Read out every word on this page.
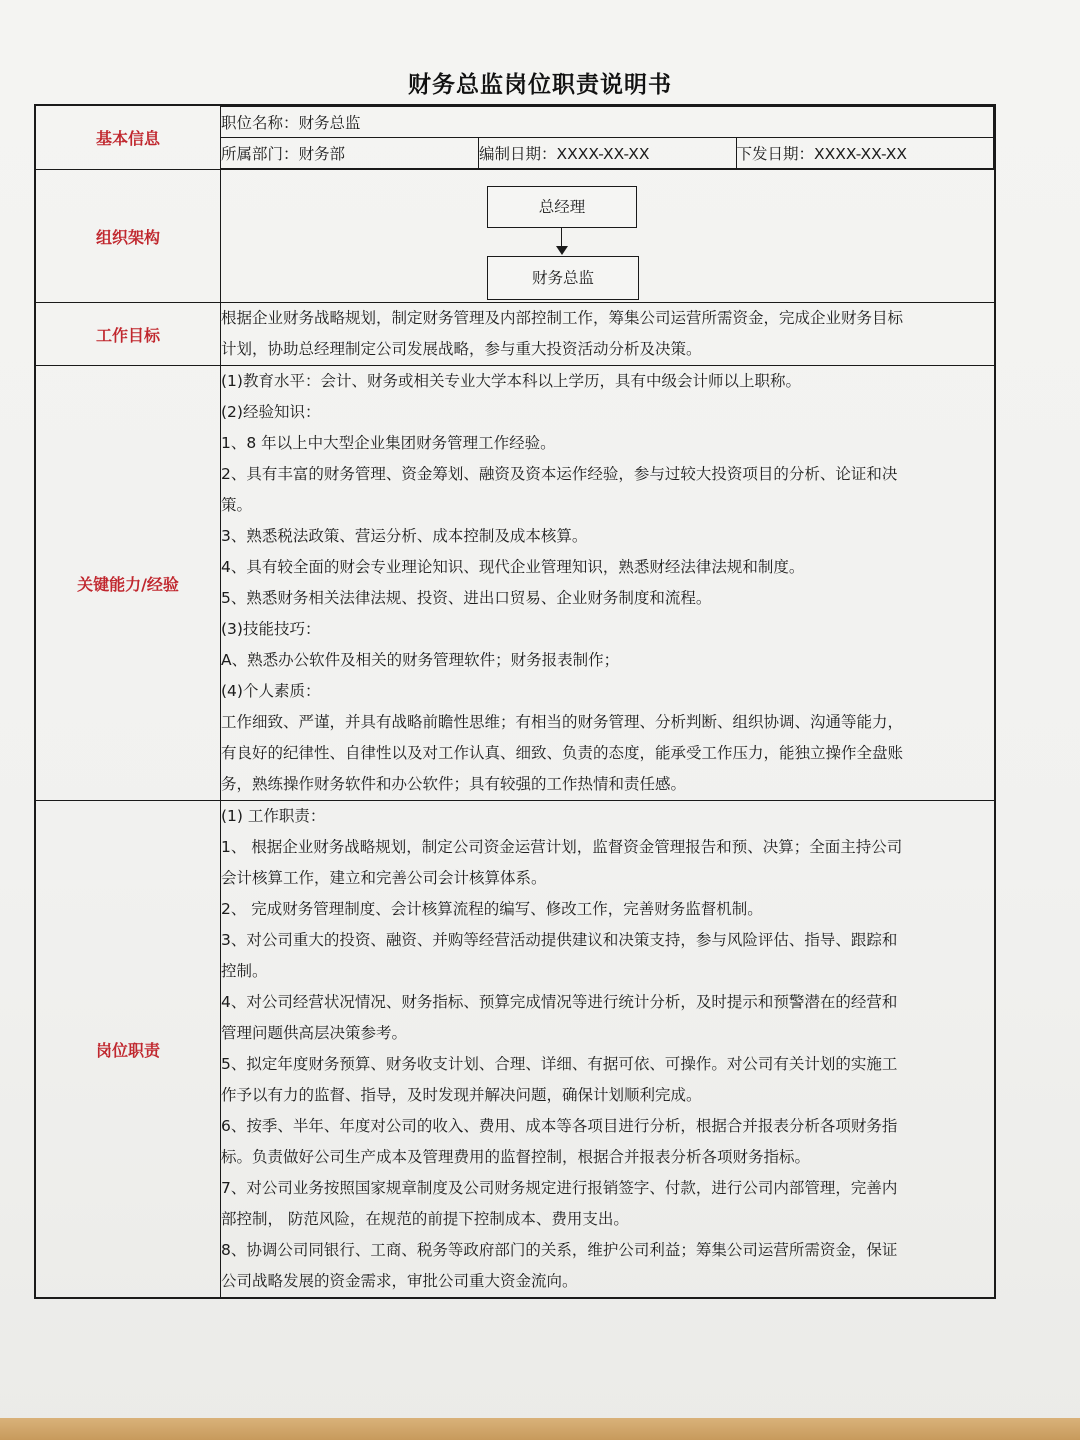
财务总监岗位职责说明书
基本信息	
职位名称：财务总监
所属部门：财务部	编制日期：XXXX-XX-XX	下发日期：XXXX-XX-XX

组织架构	
总经理
财务总监

工作目标	
根据企业财务战略规划，制定财务管理及内部控制工作，筹集公司运营所需资金，完成企业财务目标
计划，协助总经理制定公司发展战略，参与重大投资活动分析及决策。

关键能力/经验	
(1)教育水平：会计、财务或相关专业大学本科以上学历，具有中级会计师以上职称。
(2)经验知识：
1、8 年以上中大型企业集团财务管理工作经验。
2、具有丰富的财务管理、资金筹划、融资及资本运作经验，参与过较大投资项目的分析、论证和决
策。
3、熟悉税法政策、营运分析、成本控制及成本核算。
4、具有较全面的财会专业理论知识、现代企业管理知识，熟悉财经法律法规和制度。
5、熟悉财务相关法律法规、投资、进出口贸易、企业财务制度和流程。
(3)技能技巧：
A、熟悉办公软件及相关的财务管理软件；财务报表制作；
(4)个人素质：
工作细致、严谨，并具有战略前瞻性思维；有相当的财务管理、分析判断、组织协调、沟通等能力，
有良好的纪律性、自律性以及对工作认真、细致、负责的态度，能承受工作压力，能独立操作全盘账
务，熟练操作财务软件和办公软件；具有较强的工作热情和责任感。

岗位职责	
(1) 工作职责：
1、 根据企业财务战略规划，制定公司资金运营计划，监督资金管理报告和预、决算；全面主持公司
会计核算工作，建立和完善公司会计核算体系。
2、 完成财务管理制度、会计核算流程的编写、修改工作，完善财务监督机制。
3、对公司重大的投资、融资、并购等经营活动提供建议和决策支持，参与风险评估、指导、跟踪和
控制。
4、对公司经营状况情况、财务指标、预算完成情况等进行统计分析，及时提示和预警潜在的经营和
管理问题供高层决策参考。
5、拟定年度财务预算、财务收支计划、合理、详细、有据可依、可操作。对公司有关计划的实施工
作予以有力的监督、指导，及时发现并解决问题，确保计划顺利完成。
6、按季、半年、年度对公司的收入、费用、成本等各项目进行分析，根据合并报表分析各项财务指
标。负责做好公司生产成本及管理费用的监督控制，根据合并报表分析各项财务指标。
7、对公司业务按照国家规章制度及公司财务规定进行报销签字、付款，进行公司内部管理，完善内
部控制， 防范风险，在规范的前提下控制成本、费用支出。
8、协调公司同银行、工商、税务等政府部门的关系，维护公司利益；筹集公司运营所需资金，保证
公司战略发展的资金需求，审批公司重大资金流向。
